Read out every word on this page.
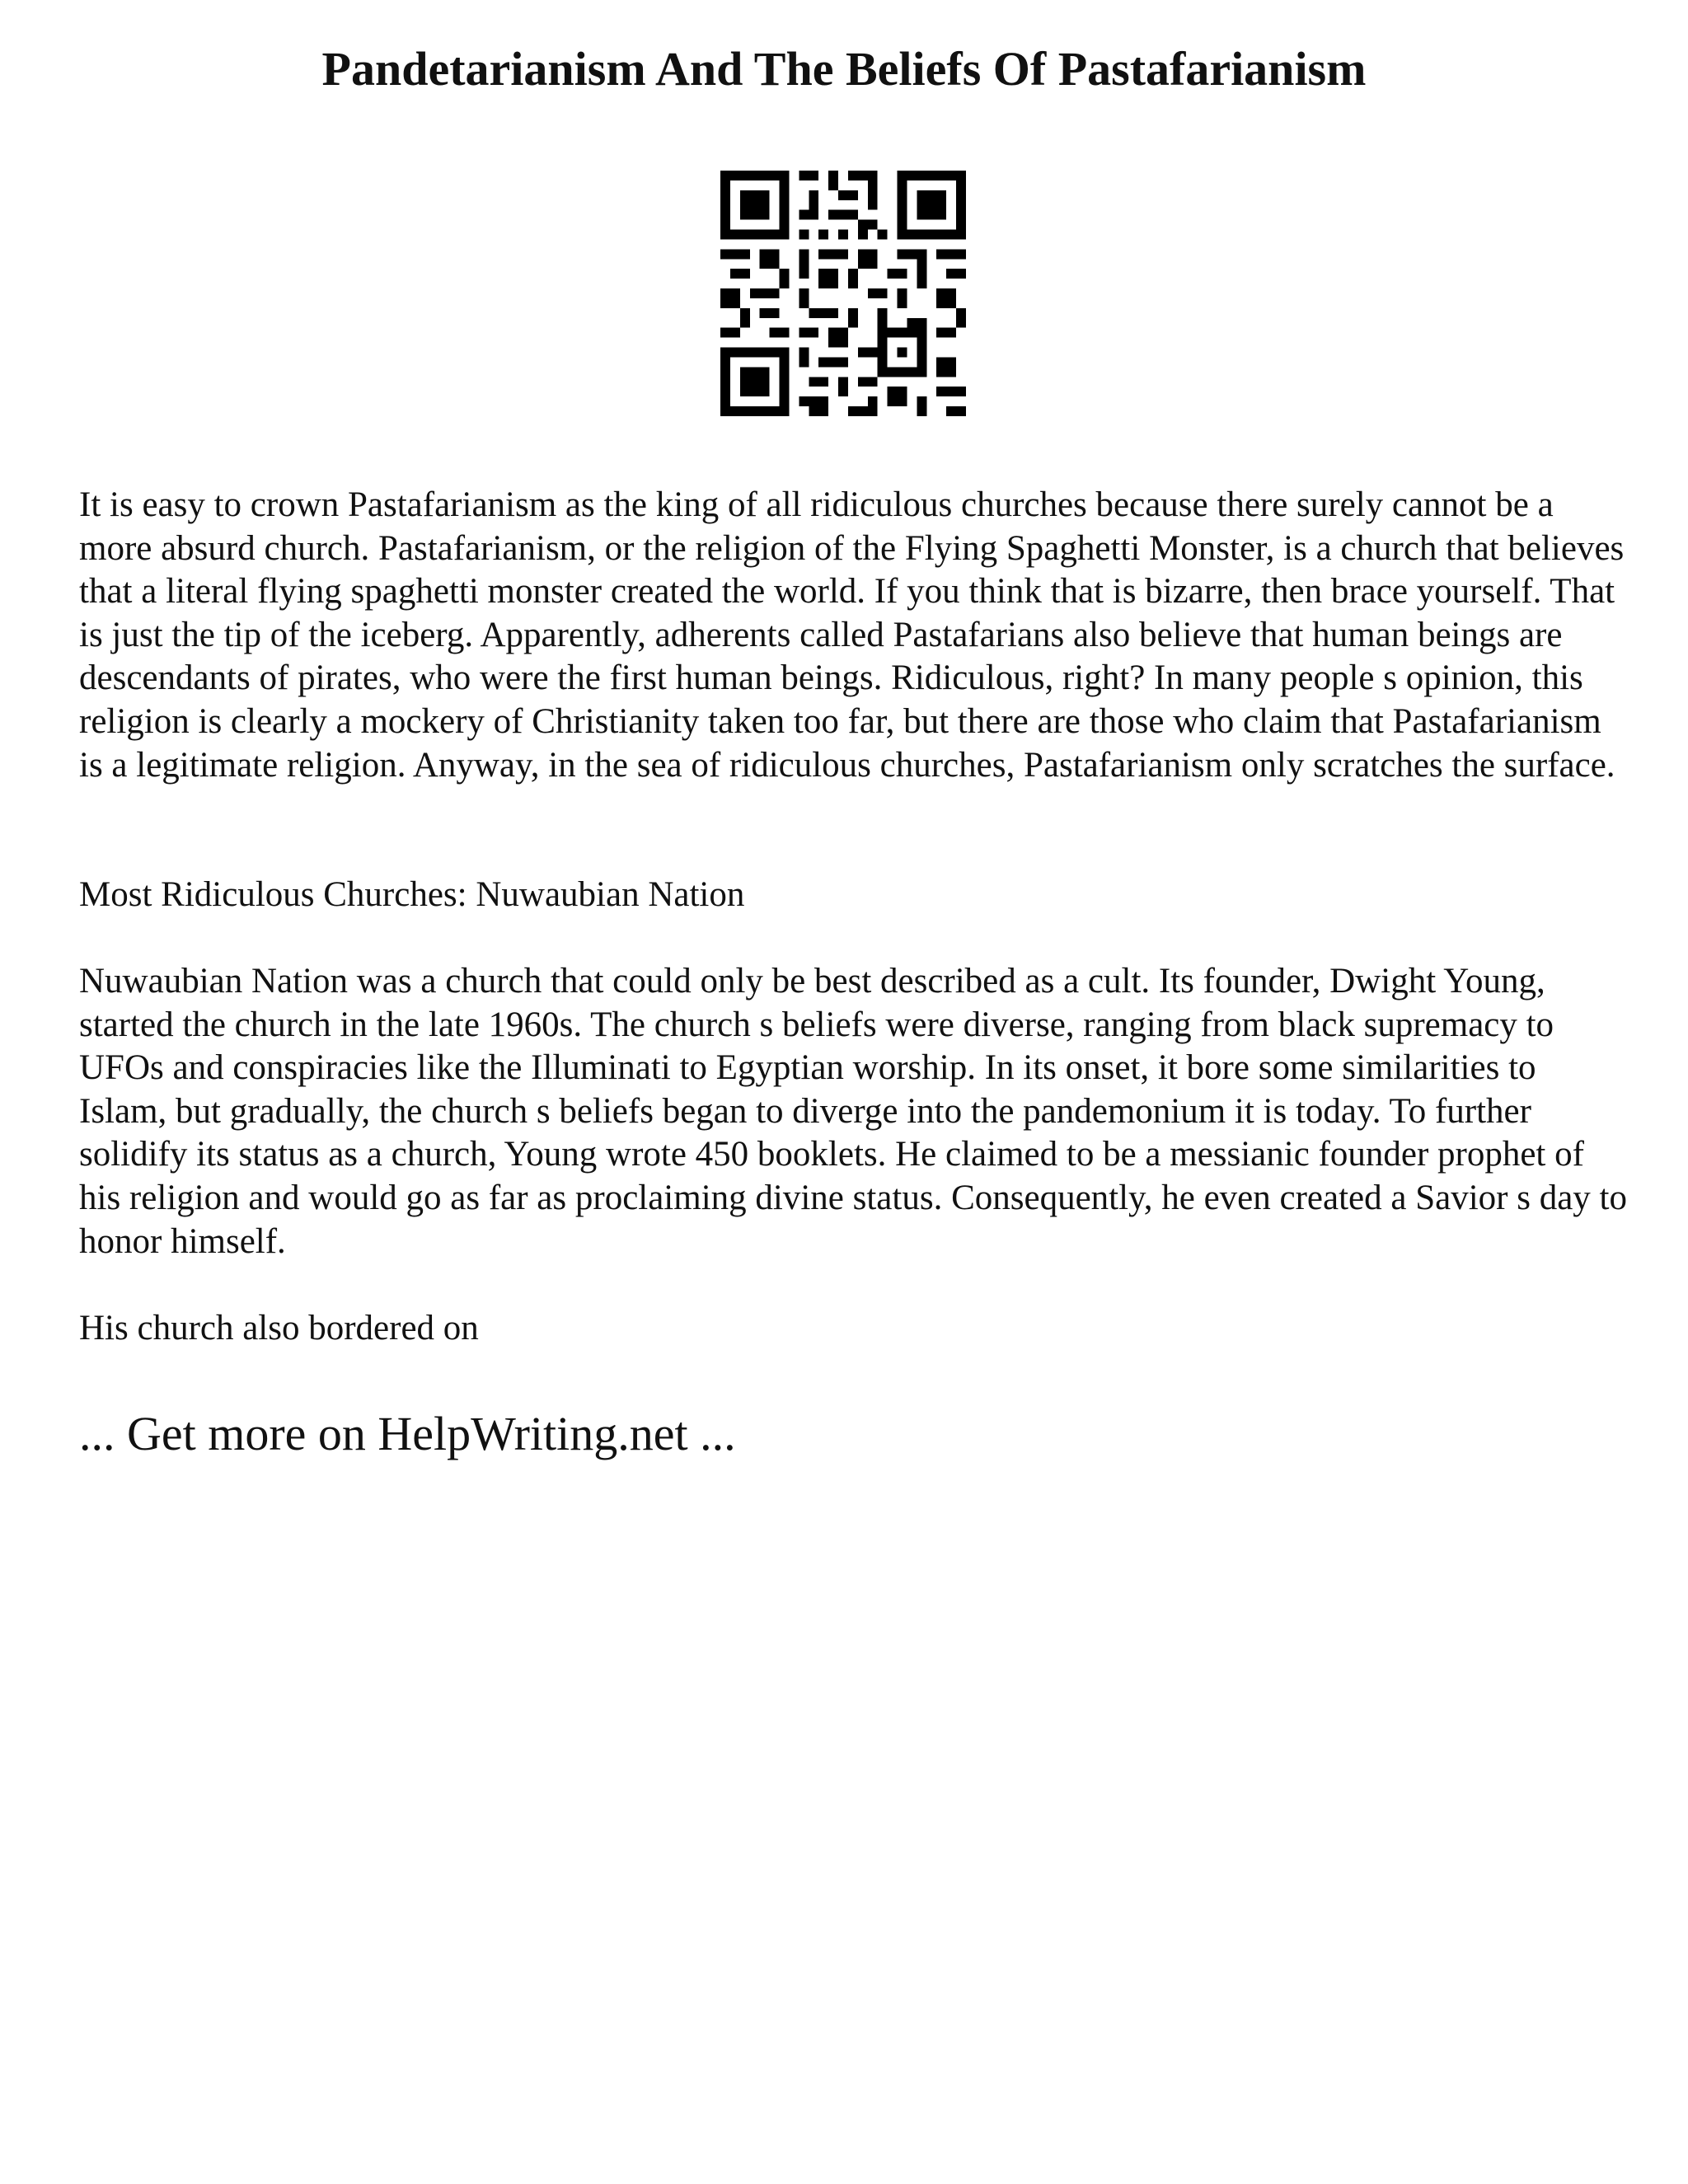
Pandetarianism And The Beliefs Of Pastafarianism

It is easy to crown Pastafarianism as the king of all ridiculous churches because there surely cannot be a more absurd church. Pastafarianism, or the religion of the Flying Spaghetti Monster, is a church that believes that a literal flying spaghetti monster created the world. If you think that is bizarre, then brace yourself. That is just the tip of the iceberg. Apparently, adherents called Pastafarians also believe that human beings are descendants of pirates, who were the first human beings. Ridiculous, right? In many people s opinion, this religion is clearly a mockery of Christianity taken too far, but there are those who claim that Pastafarianism is a legitimate religion. Anyway, in the sea of ridiculous churches, Pastafarianism only scratches the surface.

Most Ridiculous Churches: Nuwaubian Nation

Nuwaubian Nation was a church that could only be best described as a cult. Its founder, Dwight Young, started the church in the late 1960s. The church s beliefs were diverse, ranging from black supremacy to UFOs and conspiracies like the Illuminati to Egyptian worship. In its onset, it bore some similarities to Islam, but gradually, the church s beliefs began to diverge into the pandemonium it is today. To further solidify its status as a church, Young wrote 450 booklets. He claimed to be a messianic founder prophet of his religion and would go as far as proclaiming divine status. Consequently, he even created a Savior s day to honor himself.

His church also bordered on

... Get more on HelpWriting.net ...
